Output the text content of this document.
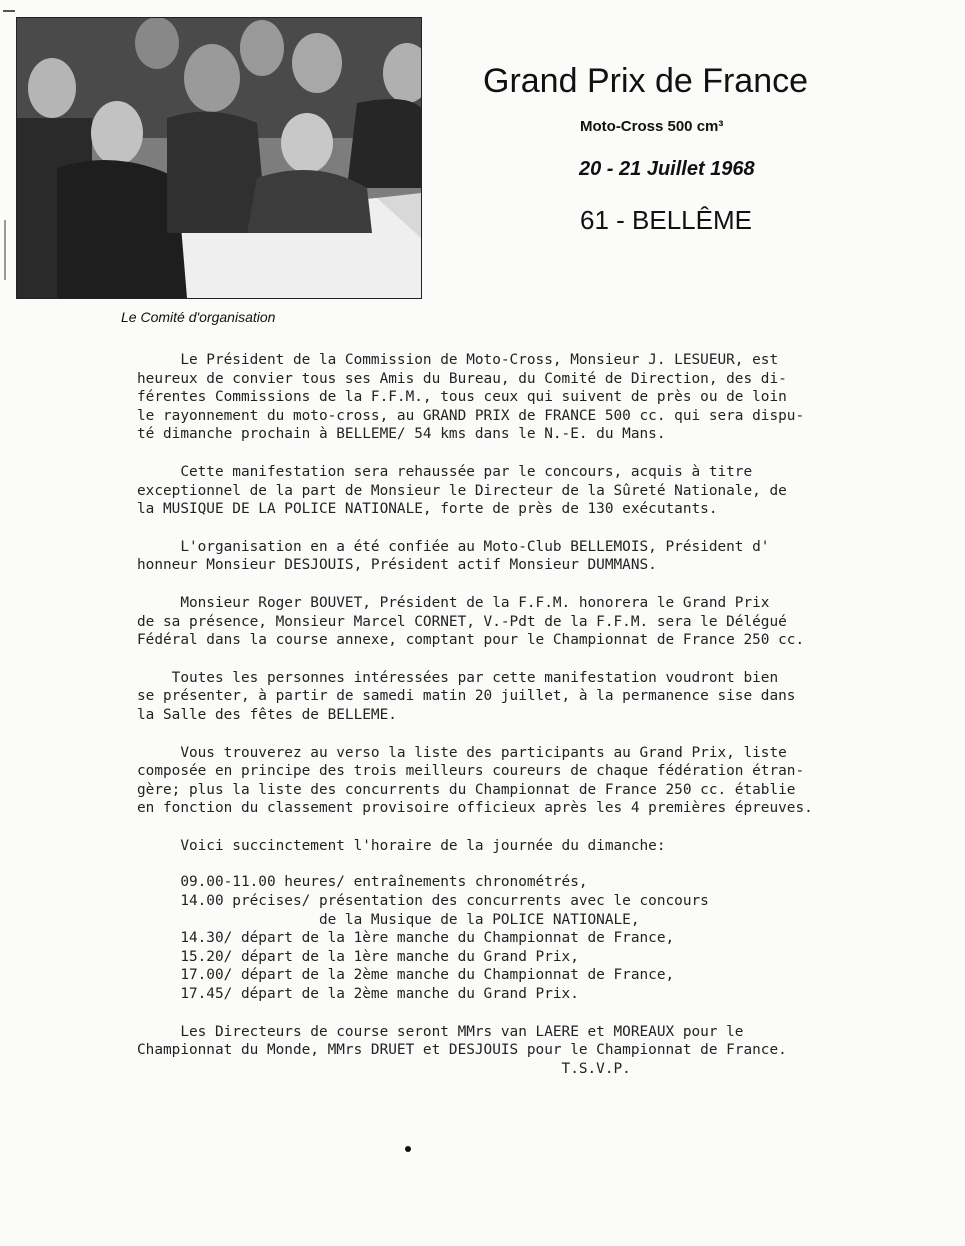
Le Comité d'organisation
Grand Prix de France
Moto-Cross 500 cm³
20 - 21 Juillet 1968
61 - BELLÊME
Le Président de la Commission de Moto-Cross, Monsieur J. LESUEUR, est
heureux de convier tous ses Amis du Bureau, du Comité de Direction, des di-
férentes Commissions de la F.F.M., tous ceux qui suivent de près ou de loin
le rayonnement du moto-cross, au GRAND PRIX de FRANCE 500 cc. qui sera dispu-
té dimanche prochain à BELLEME/ 54 kms dans le N.-E. du Mans.
Cette manifestation sera rehaussée par le concours, acquis à titre
exceptionnel de la part de Monsieur le Directeur de la Sûreté Nationale, de
la MUSIQUE DE LA POLICE NATIONALE, forte de près de 130 exécutants.
L'organisation en a été confiée au Moto-Club BELLEMOIS, Président d'
honneur Monsieur DESJOUIS, Président actif Monsieur DUMMANS.
Monsieur Roger BOUVET, Président de la F.F.M. honorera le Grand Prix
de sa présence, Monsieur Marcel CORNET, V.-Pdt de la F.F.M. sera le Délégué
Fédéral dans la course annexe, comptant pour le Championnat de France 250 cc.
Toutes les personnes intéressées par cette manifestation voudront bien
se présenter, à partir de samedi matin 20 juillet, à la permanence sise dans
la Salle des fêtes de BELLEME.
Vous trouverez au verso la liste des participants au Grand Prix, liste
composée en principe des trois meilleurs coureurs de chaque fédération étran-
gère; plus la liste des concurrents du Championnat de France 250 cc. établie
en fonction du classement provisoire officieux après les 4 premières épreuves.
Voici succinctement l'horaire de la journée du dimanche:
09.00-11.00 heures/ entraînements chronométrés,
14.00 précises/ présentation des concurrents avec le concours
de la Musique de la POLICE NATIONALE,
14.30/ départ de la 1ère manche du Championnat de France,
15.20/ départ de la 1ère manche du Grand Prix,
17.00/ départ de la 2ème manche du Championnat de France,
17.45/ départ de la 2ème manche du Grand Prix.
Les Directeurs de course seront MMrs van LAERE et MOREAUX pour le
Championnat du Monde, MMrs DRUET et DESJOUIS pour le Championnat de France.
T.S.V.P.
